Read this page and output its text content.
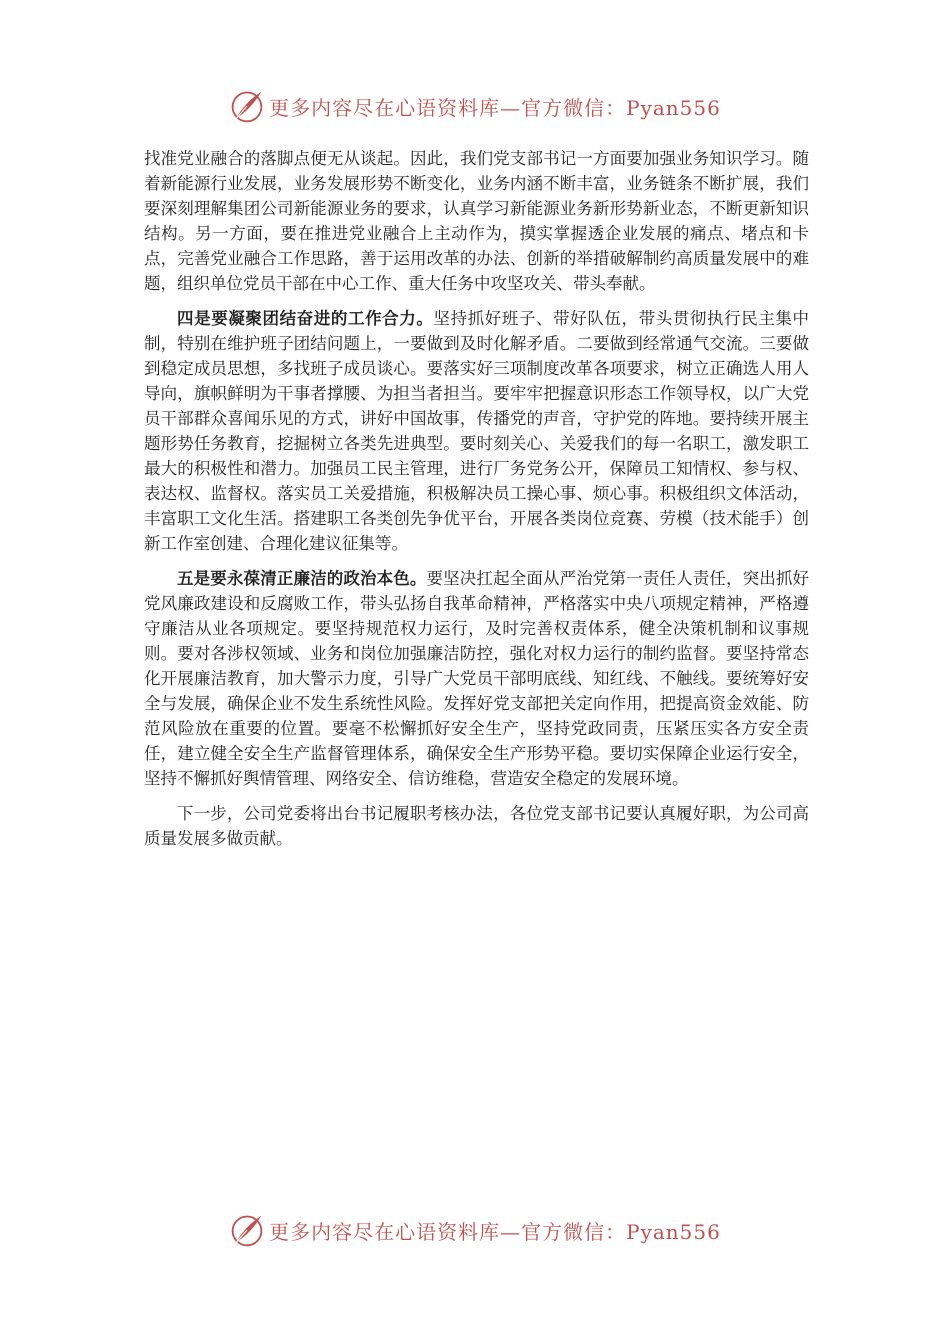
更多内容尽在心语资料库—官方微信：Pyan556

找准党业融合的落脚点便无从谈起。因此，我们党支部书记一方面要加强业务知识学习。随着新能源行业发展，业务发展形势不断变化，业务内涵不断丰富，业务链条不断扩展，我们要深刻理解集团公司新能源业务的要求，认真学习新能源业务新形势新业态，不断更新知识结构。另一方面，要在推进党业融合上主动作为，摸实掌握透企业发展的痛点、堵点和卡点，完善党业融合工作思路，善于运用改革的办法、创新的举措破解制约高质量发展中的难题，组织单位党员干部在中心工作、重大任务中攻坚攻关、带头奉献。

四是要凝聚团结奋进的工作合力。坚持抓好班子、带好队伍，带头贯彻执行民主集中制，特别在维护班子团结问题上，一要做到及时化解矛盾。二要做到经常通气交流。三要做到稳定成员思想，多找班子成员谈心。要落实好三项制度改革各项要求，树立正确选人用人导向，旗帜鲜明为干事者撑腰、为担当者担当。要牢牢把握意识形态工作领导权，以广大党员干部群众喜闻乐见的方式，讲好中国故事，传播党的声音，守护党的阵地。要持续开展主题形势任务教育，挖掘树立各类先进典型。要时刻关心、关爱我们的每一名职工，激发职工最大的积极性和潜力。加强员工民主管理，进行厂务党务公开，保障员工知情权、参与权、表达权、监督权。落实员工关爱措施，积极解决员工操心事、烦心事。积极组织文体活动，丰富职工文化生活。搭建职工各类创先争优平台，开展各类岗位竞赛、劳模（技术能手）创新工作室创建、合理化建议征集等。

五是要永葆清正廉洁的政治本色。要坚决扛起全面从严治党第一责任人责任，突出抓好党风廉政建设和反腐败工作，带头弘扬自我革命精神，严格落实中央八项规定精神，严格遵守廉洁从业各项规定。要坚持规范权力运行，及时完善权责体系，健全决策机制和议事规则。要对各涉权领域、业务和岗位加强廉洁防控，强化对权力运行的制约监督。要坚持常态化开展廉洁教育，加大警示力度，引导广大党员干部明底线、知红线、不触线。要统筹好安全与发展，确保企业不发生系统性风险。发挥好党支部把关定向作用，把提高资金效能、防范风险放在重要的位置。要毫不松懈抓好安全生产，坚持党政同责，压紧压实各方安全责任，建立健全安全生产监督管理体系，确保安全生产形势平稳。要切实保障企业运行安全，坚持不懈抓好舆情管理、网络安全、信访维稳，营造安全稳定的发展环境。

下一步，公司党委将出台书记履职考核办法，各位党支部书记要认真履好职，为公司高质量发展多做贡献。

更多内容尽在心语资料库—官方微信：Pyan556
